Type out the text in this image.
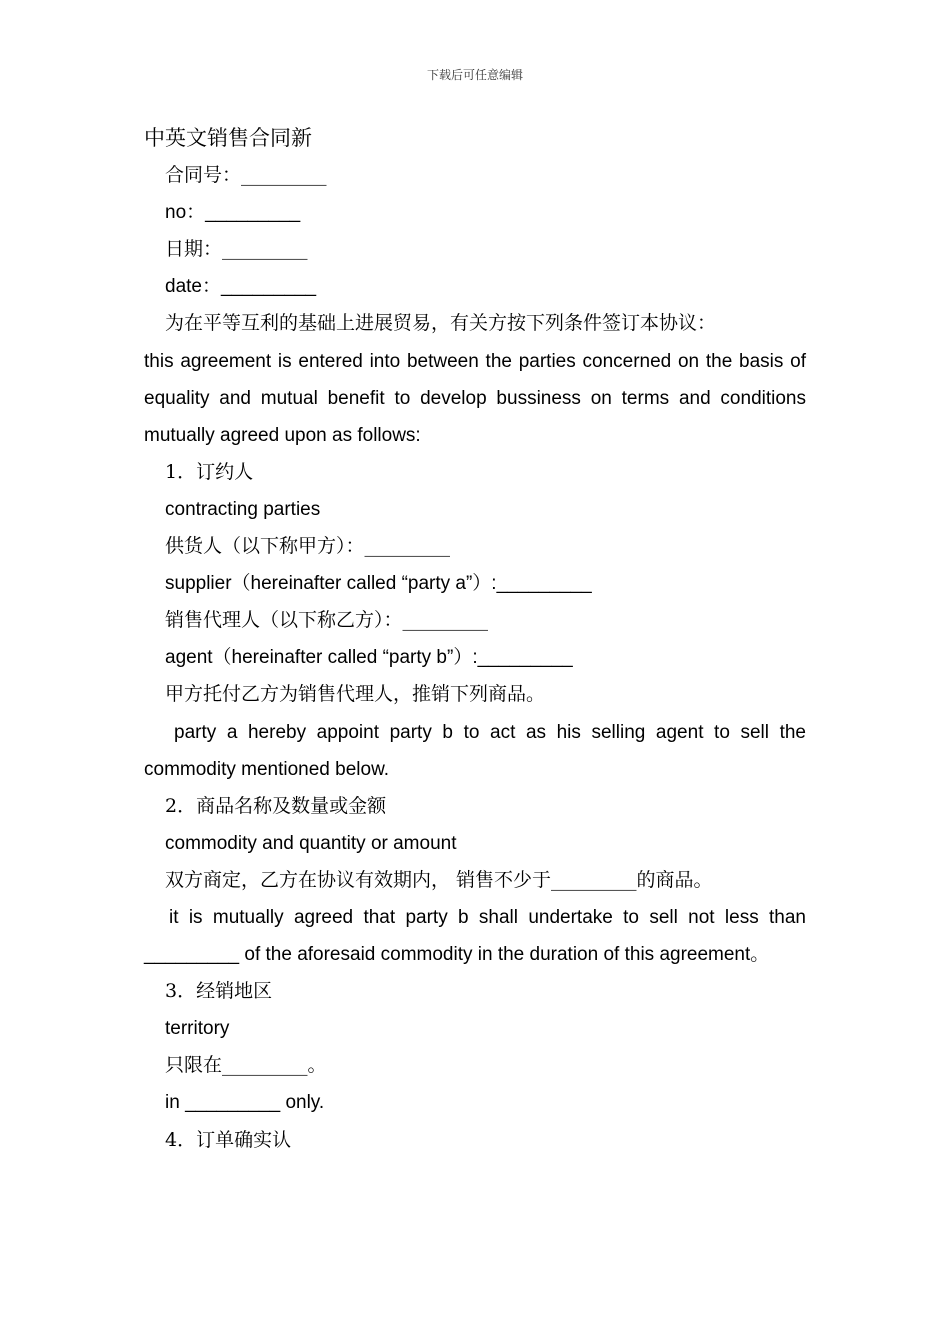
下载后可任意编辑
中英文销售合同新
合同号：_________
no：_________
日期：_________
date：_________
为在平等互利的基础上进展贸易，有关方按下列条件签订本协议：
this agreement is entered into between the parties concerned on the basis of equality and mutual benefit to develop bussiness on terms and conditions mutually agreed upon as follows:
1．订约人
contracting parties
供货人（以下称甲方）：_________
supplier（hereinafter called “party a”）:_________
销售代理人（以下称乙方）：_________
agent（hereinafter called “party b”）:_________
甲方托付乙方为销售代理人，推销下列商品。
party a hereby appoint party b to act as his selling agent to sell the commodity mentioned below.
2．商品名称及数量或金额
commodity and quantity or amount
双方商定，乙方在协议有效期内， 销售不少于_________的商品。
it is mutually agreed that party b shall undertake to sell not less than _________ of the aforesaid commodity in the duration of this agreement。
3．经销地区
territory
只限在_________。
in _________ only.
4．订单确实认
